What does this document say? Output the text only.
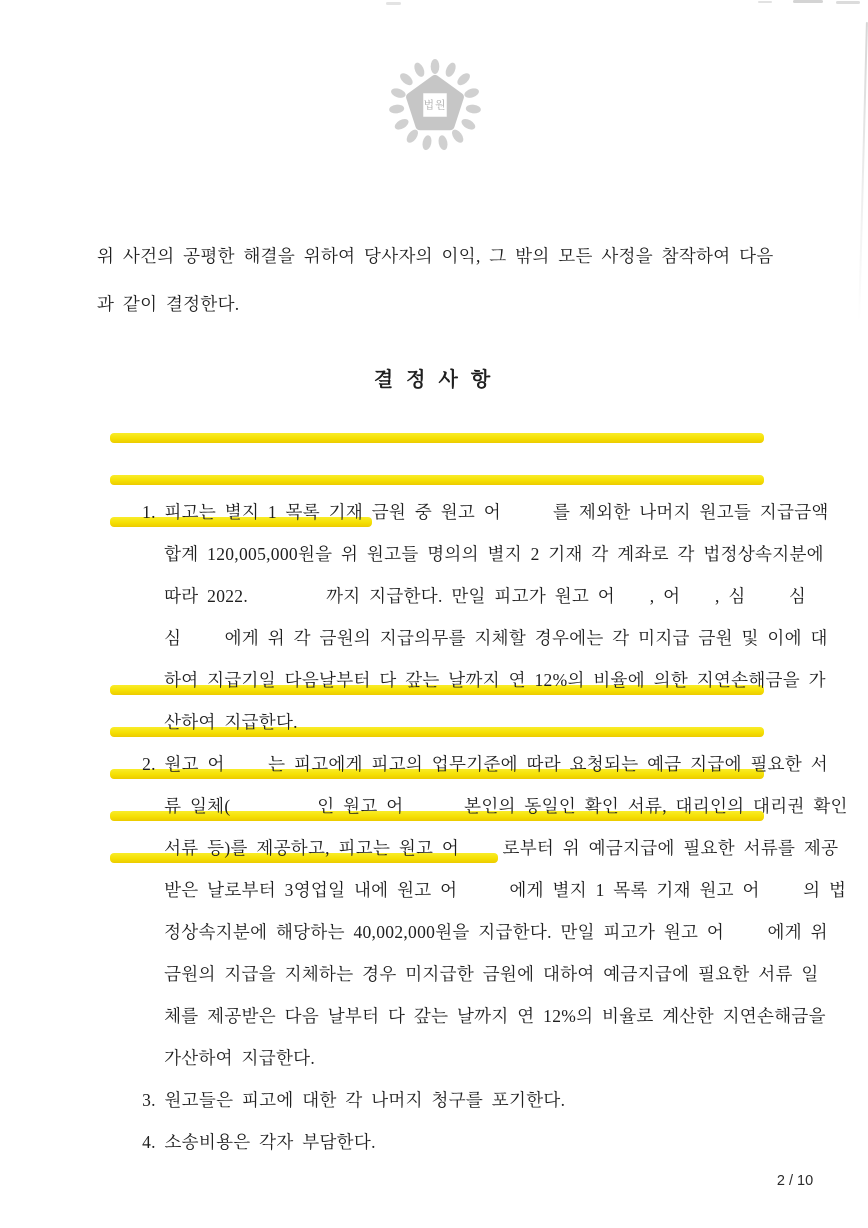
법원
위 사건의 공평한 해결을 위하여 당사자의 이익, 그 밖의 모든 사정을 참작하여 다음
과 같이 결정한다.
결 정 사 항

1. 피고는 별지 1 목록 기재 금원 중 원고 어      를 제외한 나머지 원고들 지급금액

합계 120,005,000원을 위 원고들 명의의 별지 2 기재 각 계좌로 각 법정상속지분에

따라 2022.         까지 지급한다. 만일 피고가 원고 어    , 어    , 심     심

심     에게 위 각 금원의 지급의무를 지체할 경우에는 각 미지급 금원 및 이에 대

하여 지급기일 다음날부터 다 갚는 날까지 연 12%의 비율에 의한 지연손해금을 가

산하여 지급한다.

2. 원고 어     는 피고에게 피고의 업무기준에 따라 요청되는 예금 지급에 필요한 서

류 일체(          인 원고 어       본인의 동일인 확인 서류, 대리인의 대리권 확인

서류 등)를 제공하고, 피고는 원고 어     로부터 위 예금지급에 필요한 서류를 제공

받은 날로부터 3영업일 내에 원고 어      에게 별지 1 목록 기재 원고 어     의 법

정상속지분에 해당하는 40,002,000원을 지급한다. 만일 피고가 원고 어     에게 위

금원의 지급을 지체하는 경우 미지급한 금원에 대하여 예금지급에 필요한 서류 일

체를 제공받은 다음 날부터 다 갚는 날까지 연 12%의 비율로 계산한 지연손해금을

가산하여 지급한다.

3. 원고들은 피고에 대한 각 나머지 청구를 포기한다.

4. 소송비용은 각자 부담한다.

2 / 10
